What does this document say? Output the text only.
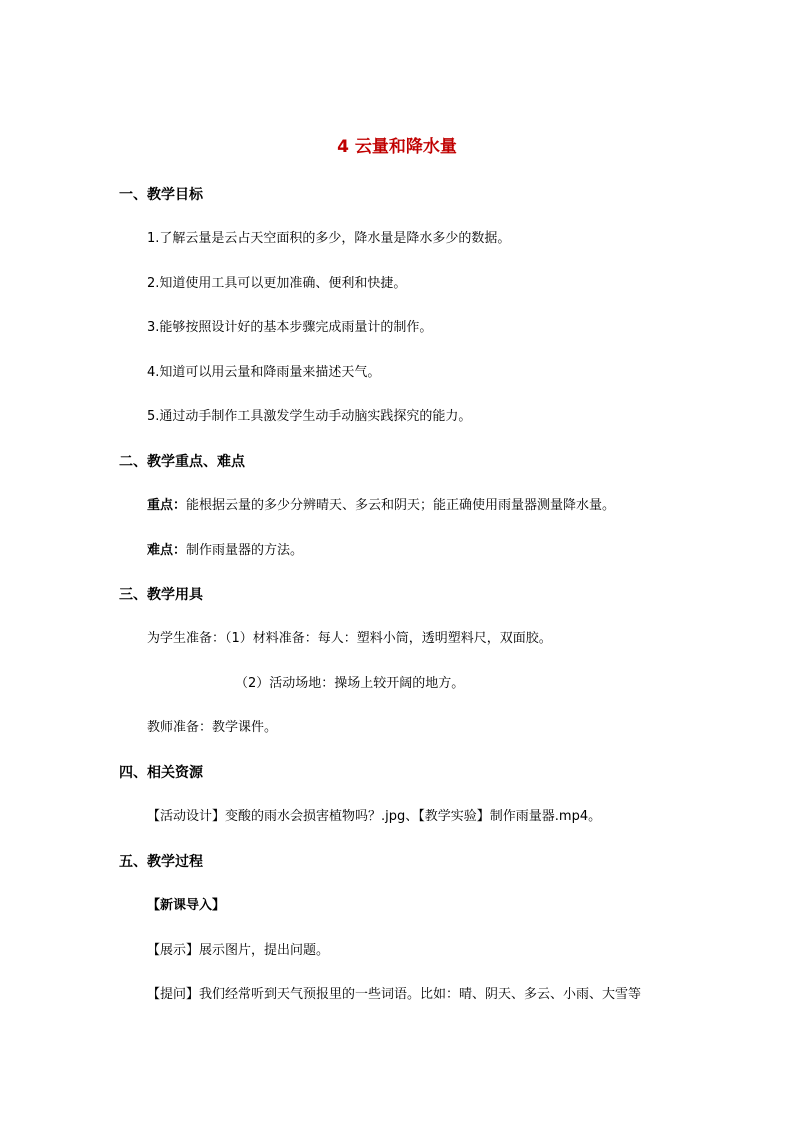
4 云量和降水量
一、教学目标
1.了解云量是云占天空面积的多少，降水量是降水多少的数据。
2.知道使用工具可以更加准确、便利和快捷。
3.能够按照设计好的基本步骤完成雨量计的制作。
4.知道可以用云量和降雨量来描述天气。
5.通过动手制作工具激发学生动手动脑实践探究的能力。
二、教学重点、难点
重点：能根据云量的多少分辨晴天、多云和阴天；能正确使用雨量器测量降水量。
难点：制作雨量器的方法。
三、教学用具
为学生准备：（1）材料准备：每人：塑料小筒，透明塑料尺，双面胶。
（2）活动场地：操场上较开阔的地方。
教师准备：教学课件。
四、相关资源
【活动设计】变酸的雨水会损害植物吗？.jpg、【教学实验】制作雨量器.mp4。
五、教学过程
【新课导入】
【展示】展示图片，提出问题。
【提问】我们经常听到天气预报里的一些词语。比如：晴、阴天、多云、小雨、大雪等
